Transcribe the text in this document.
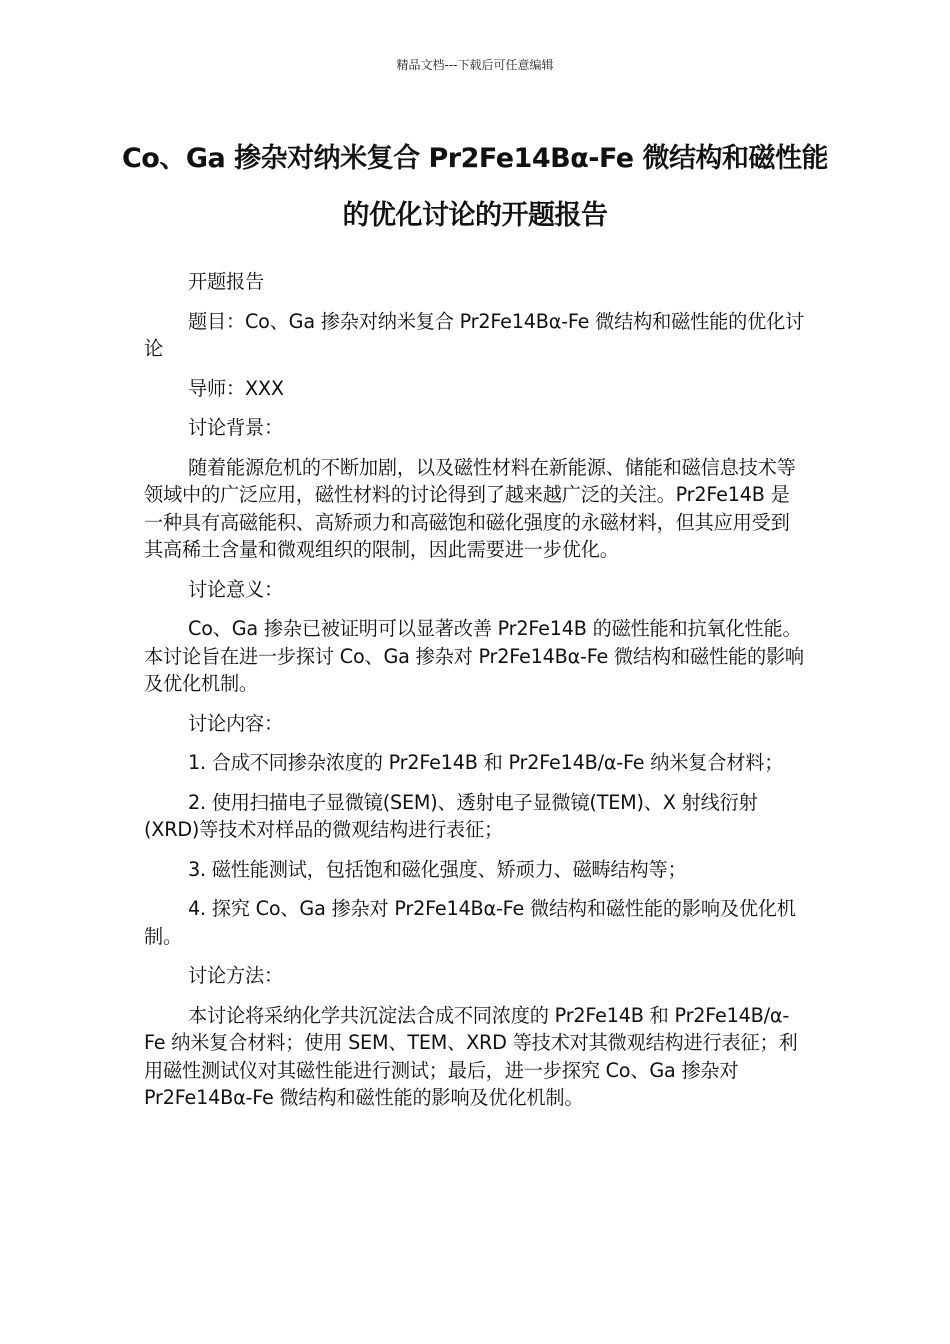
精品文档---下载后可任意编辑
Co、Ga 掺杂对纳米复合 Pr2Fe14Bα-Fe 微结构和磁性能的优化讨论的开题报告

开题报告

题目：Co、Ga 掺杂对纳米复合 Pr2Fe14Bα-Fe 微结构和磁性能的优化讨论

导师：XXX

讨论背景：

随着能源危机的不断加剧，以及磁性材料在新能源、储能和磁信息技术等领域中的广泛应用，磁性材料的讨论得到了越来越广泛的关注。Pr2Fe14B 是一种具有高磁能积、高矫顽力和高磁饱和磁化强度的永磁材料，但其应用受到其高稀土含量和微观组织的限制，因此需要进一步优化。

讨论意义：

Co、Ga 掺杂已被证明可以显著改善 Pr2Fe14B 的磁性能和抗氧化性能。本讨论旨在进一步探讨 Co、Ga 掺杂对 Pr2Fe14Bα-Fe 微结构和磁性能的影响及优化机制。

讨论内容：

1. 合成不同掺杂浓度的 Pr2Fe14B 和 Pr2Fe14B/α-Fe 纳米复合材料；

2. 使用扫描电子显微镜(SEM)、透射电子显微镜(TEM)、X 射线衍射(XRD)等技术对样品的微观结构进行表征；

3. 磁性能测试，包括饱和磁化强度、矫顽力、磁畴结构等；

4. 探究 Co、Ga 掺杂对 Pr2Fe14Bα-Fe 微结构和磁性能的影响及优化机制。

讨论方法：

本讨论将采纳化学共沉淀法合成不同浓度的 Pr2Fe14B 和 Pr2Fe14B/α-Fe 纳米复合材料；使用 SEM、TEM、XRD 等技术对其微观结构进行表征；利用磁性测试仪对其磁性能进行测试；最后，进一步探究 Co、Ga 掺杂对 Pr2Fe14Bα-Fe 微结构和磁性能的影响及优化机制。
